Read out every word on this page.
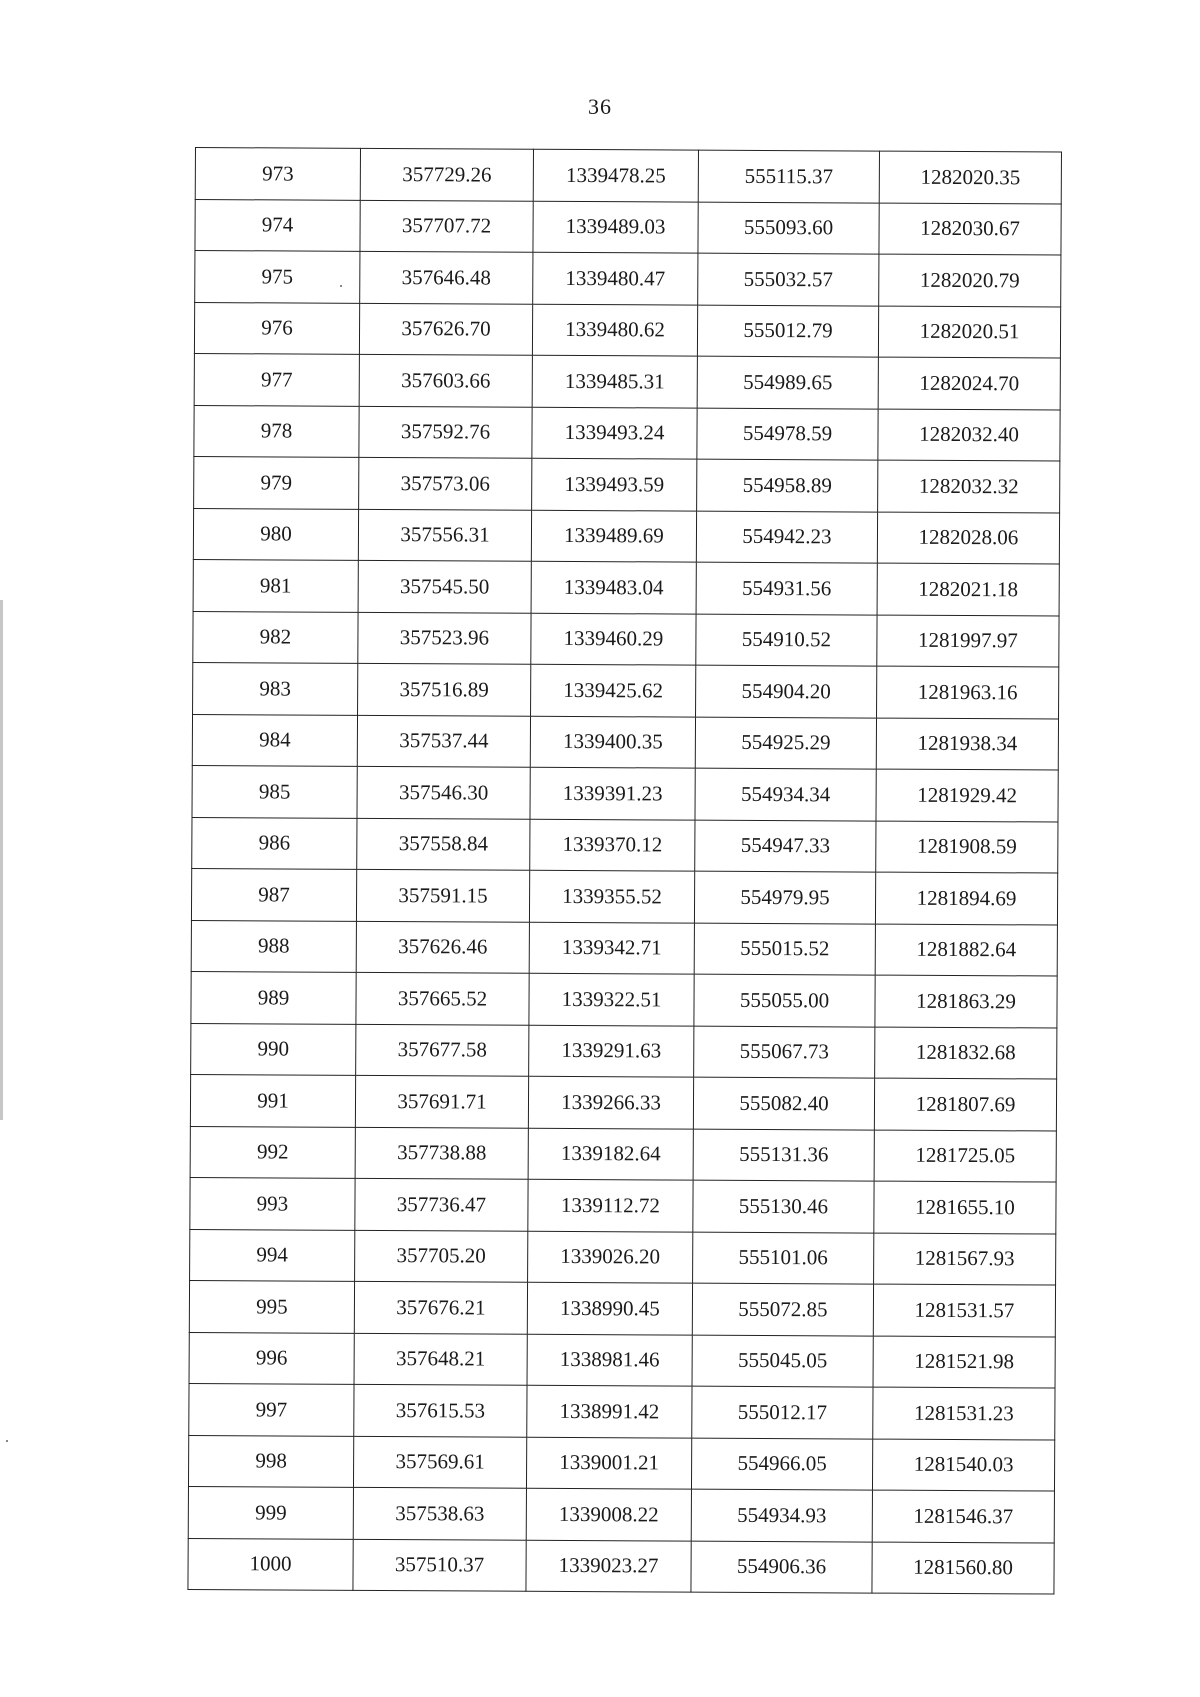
36
973	357729.26	1339478.25	555115.37	1282020.35
974	357707.72	1339489.03	555093.60	1282030.67
975	357646.48	1339480.47	555032.57	1282020.79
976	357626.70	1339480.62	555012.79	1282020.51
977	357603.66	1339485.31	554989.65	1282024.70
978	357592.76	1339493.24	554978.59	1282032.40
979	357573.06	1339493.59	554958.89	1282032.32
980	357556.31	1339489.69	554942.23	1282028.06
981	357545.50	1339483.04	554931.56	1282021.18
982	357523.96	1339460.29	554910.52	1281997.97
983	357516.89	1339425.62	554904.20	1281963.16
984	357537.44	1339400.35	554925.29	1281938.34
985	357546.30	1339391.23	554934.34	1281929.42
986	357558.84	1339370.12	554947.33	1281908.59
987	357591.15	1339355.52	554979.95	1281894.69
988	357626.46	1339342.71	555015.52	1281882.64
989	357665.52	1339322.51	555055.00	1281863.29
990	357677.58	1339291.63	555067.73	1281832.68
991	357691.71	1339266.33	555082.40	1281807.69
992	357738.88	1339182.64	555131.36	1281725.05
993	357736.47	1339112.72	555130.46	1281655.10
994	357705.20	1339026.20	555101.06	1281567.93
995	357676.21	1338990.45	555072.85	1281531.57
996	357648.21	1338981.46	555045.05	1281521.98
997	357615.53	1338991.42	555012.17	1281531.23
998	357569.61	1339001.21	554966.05	1281540.03
999	357538.63	1339008.22	554934.93	1281546.37
1000	357510.37	1339023.27	554906.36	1281560.80
